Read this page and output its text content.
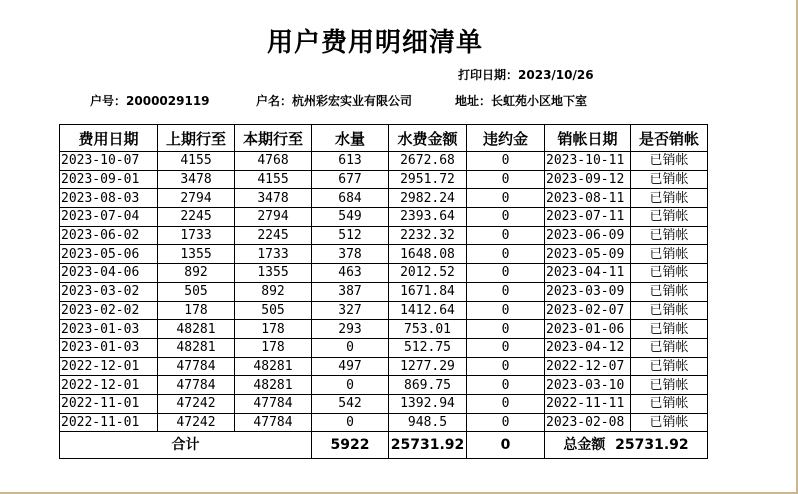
用户费用明细清单
打印日期：2023/10/26
户号：2000029119	户名：杭州彩宏实业有限公司	地址：长虹苑小区地下室
费用日期	上期行至	本期行至	水量	水费金额	违约金	销帐日期	是否销帐
2023-10-07	4155	4768	613	2672.68	0	2023-10-11	已销帐
2023-09-01	3478	4155	677	2951.72	0	2023-09-12	已销帐
2023-08-03	2794	3478	684	2982.24	0	2023-08-11	已销帐
2023-07-04	2245	2794	549	2393.64	0	2023-07-11	已销帐
2023-06-02	1733	2245	512	2232.32	0	2023-06-09	已销帐
2023-05-06	1355	1733	378	1648.08	0	2023-05-09	已销帐
2023-04-06	892	1355	463	2012.52	0	2023-04-11	已销帐
2023-03-02	505	892	387	1671.84	0	2023-03-09	已销帐
2023-02-02	178	505	327	1412.64	0	2023-02-07	已销帐
2023-01-03	48281	178	293	753.01	0	2023-01-06	已销帐
2023-01-03	48281	178	0	512.75	0	2023-04-12	已销帐
2022-12-01	47784	48281	497	1277.29	0	2022-12-07	已销帐
2022-12-01	47784	48281	0	869.75	0	2023-03-10	已销帐
2022-11-01	47242	47784	542	1392.94	0	2022-11-11	已销帐
2022-11-01	47242	47784	0	948.5	0	2023-02-08	已销帐
合计			5922	25731.92	0	总金额 25731.92	
